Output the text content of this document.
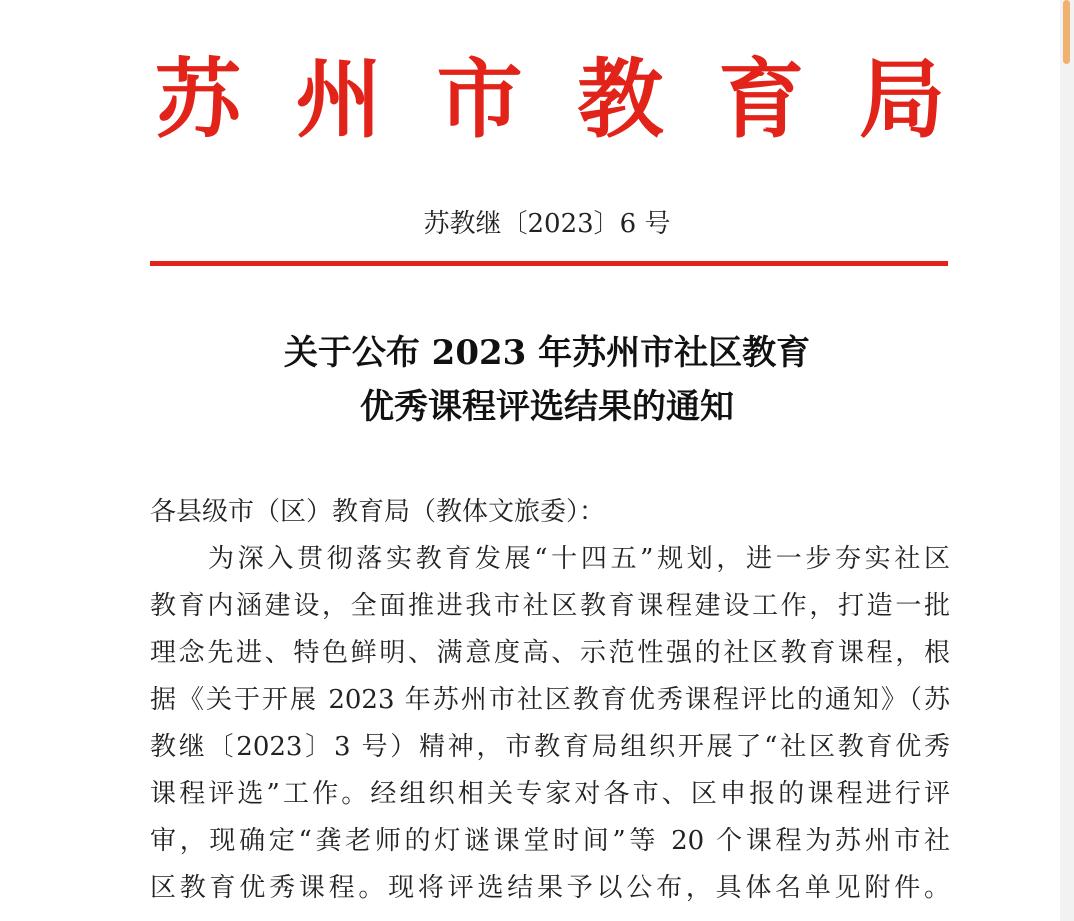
苏 州 市 教 育 局
苏教继〔2023〕6 号
关于公布 2023 年苏州市社区教育
优秀课程评选结果的通知
各县级市（区）教育局（教体文旅委）：
为深入贯彻落实教育发展“十四五”规划，进一步夯实社区
教育内涵建设，全面推进我市社区教育课程建设工作，打造一批
理念先进、特色鲜明、满意度高、示范性强的社区教育课程，根
据《关于开展 2023 年苏州市社区教育优秀课程评比的通知》（苏
教继〔2023〕3 号）精神，市教育局组织开展了“社区教育优秀
课程评选”工作。经组织相关专家对各市、区申报的课程进行评
审，现确定“龚老师的灯谜课堂时间”等 20 个课程为苏州市社
区教育优秀课程。现将评选结果予以公布，具体名单见附件。
